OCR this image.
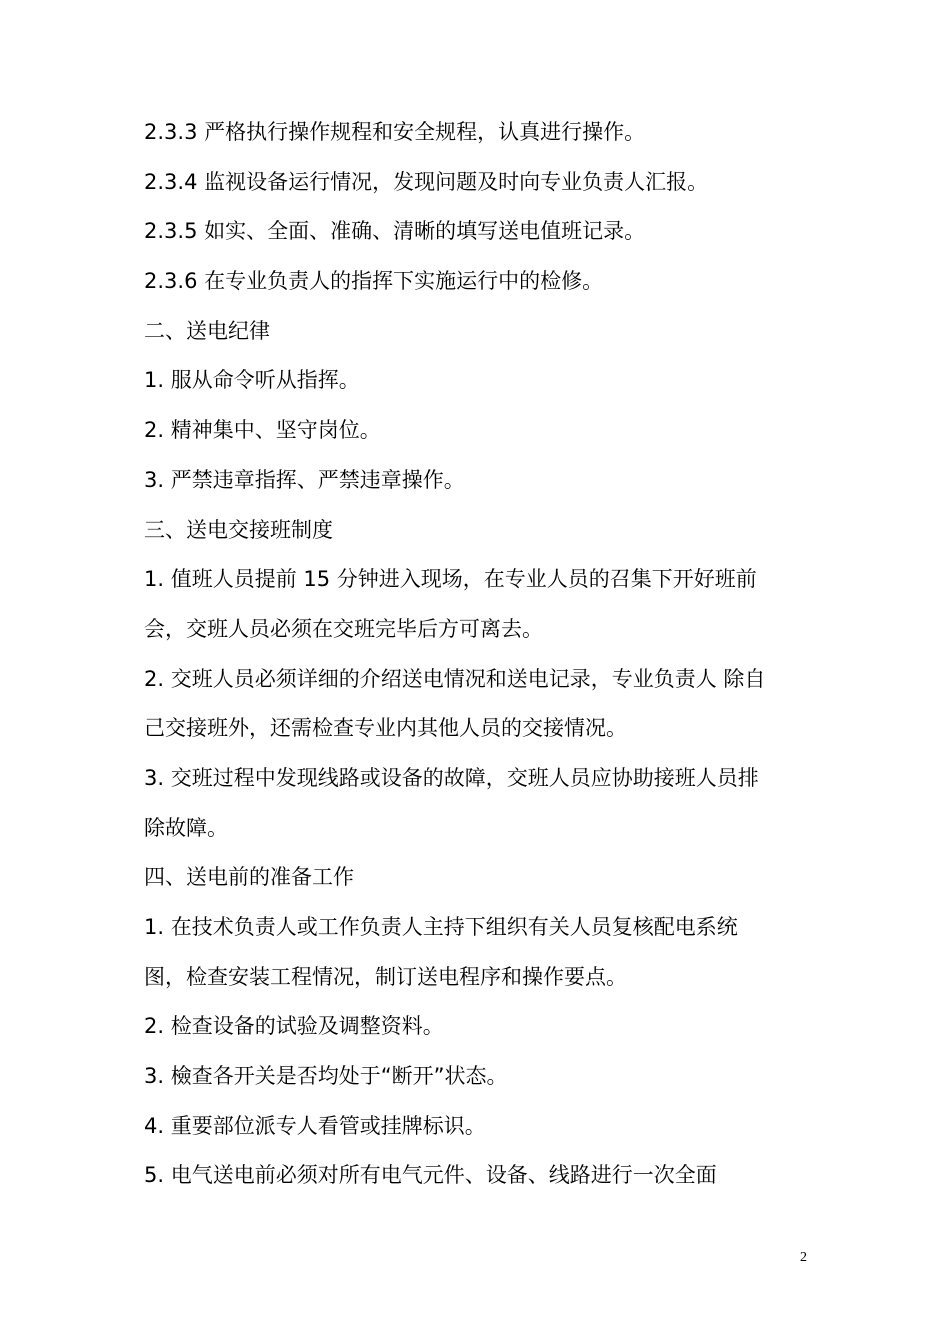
2.3.3 严格执行操作规程和安全规程，认真进行操作。
2.3.4 监视设备运行情况，发现问题及时向专业负责人汇报。
2.3.5 如实、全面、准确、清晰的填写送电值班记录。
2.3.6 在专业负责人的指挥下实施运行中的检修。
二、送电纪律
1. 服从命令听从指挥。
2. 精神集中、坚守岗位。
3. 严禁违章指挥、严禁违章操作。
三、送电交接班制度
1. 值班人员提前 15 分钟进入现场，在专业人员的召集下开好班前
会，交班人员必须在交班完毕后方可离去。
2. 交班人员必须详细的介绍送电情况和送电记录，专业负责人 除自
己交接班外，还需检查专业内其他人员的交接情况。
3. 交班过程中发现线路或设备的故障，交班人员应协助接班人员排
除故障。
四、送电前的准备工作
1. 在技术负责人或工作负责人主持下组织有关人员复核配电系统
图，检查安装工程情况，制订送电程序和操作要点。
2. 检查设备的试验及调整资料。
3. 檢查各开关是否均处于“断开”状态。
4. 重要部位派专人看管或挂牌标识。
5. 电气送电前必须对所有电气元件、设备、线路进行一次全面
2
